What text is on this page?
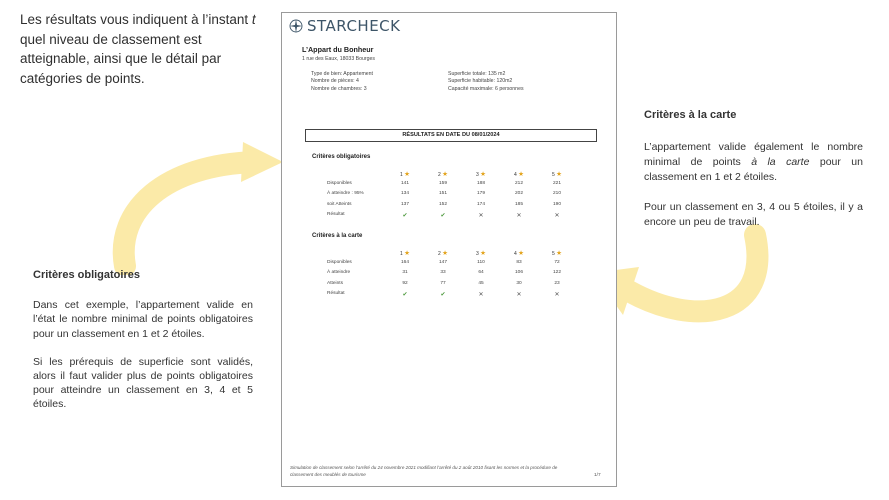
Les résultats vous indiquent à l’instant t quel niveau de classement est atteignable, ainsi que le détail par catégories de points.
Critères obligatoires

Dans cet exemple, l’appartement valide en l’état le nombre minimal de points obligatoires pour un classement en 1 et 2 étoiles.

Si les prérequis de superficie sont validés, alors il faut valider plus de points obligatoires pour atteindre un classement en 3, 4 et 5 étoiles.

Critères à la carte

L’appartement valide également le nombre minimal de points à la carte pour un classement en 1 et 2 étoiles.

Pour un classement en 3, 4 ou 5 étoiles, il y a encore un peu de travail.

STARCHECK
L’Appart du Bonheur
1 rue des Eaux, 18033 Bourges
Type de bien: Appartement
Nombre de pièces: 4
Nombre de chambres: 3
Superficie totale: 135 m2
Superficie habitable: 120m2
Capacité maximale: 6 personnes
RÉSULTATS EN DATE DU 08/01/2024
Critères obligatoires
1 ★	2 ★	3 ★	4 ★	5 ★
Disponibles	141	159	188	212	221
À atteindre : 95%	134	151	179	202	210
soit Atteints	137	152	174	185	190
Résultat	✔	✔	✕	✕	✕
Critères à la carte
1 ★	2 ★	3 ★	4 ★	5 ★
Disponibles	164	147	110	83	72
À atteindre	31	33	64	106	122
Atteints	92	77	45	30	23
Résultat	✔	✔	✕	✕	✕
Simulation de classement selon l’arrêté du 24 novembre 2021 modifiant l’arrêté du 2 août 2010 fixant les normes et la procédure de classement des meublés de tourisme	1/7
